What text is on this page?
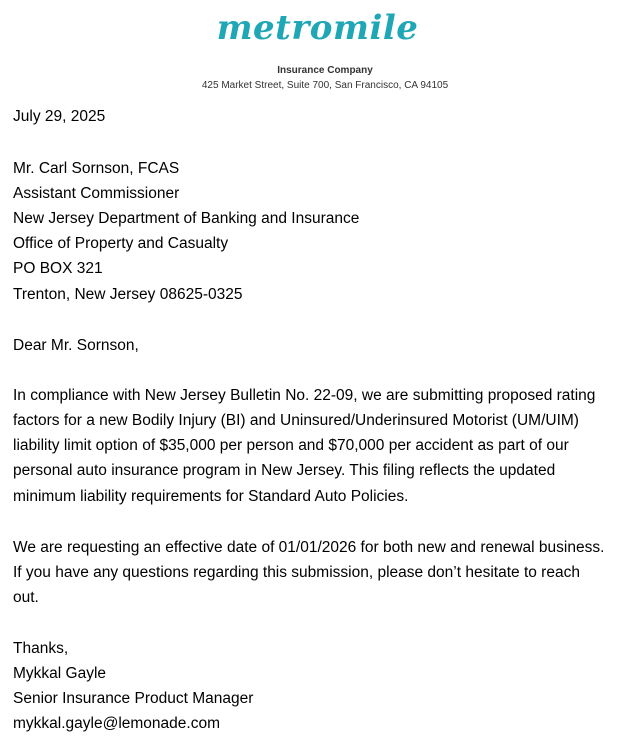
metromile
Insurance Company
425 Market Street, Suite 700, San Francisco, CA 94105
July 29, 2025
Mr. Carl Sornson, FCAS
Assistant Commissioner
New Jersey Department of Banking and Insurance
Office of Property and Casualty
PO BOX 321
Trenton, New Jersey 08625-0325
Dear Mr. Sornson,
In compliance with New Jersey Bulletin No. 22-09, we are submitting proposed rating
factors for a new Bodily Injury (BI) and Uninsured/Underinsured Motorist (UM/UIM)
liability limit option of $35,000 per person and $70,000 per accident as part of our
personal auto insurance program in New Jersey. This filing reflects the updated
minimum liability requirements for Standard Auto Policies.
We are requesting an effective date of 01/01/2026 for both new and renewal business.
If you have any questions regarding this submission, please don’t hesitate to reach
out.
Thanks,
Mykkal Gayle
Senior Insurance Product Manager
mykkal.gayle@lemonade.com
